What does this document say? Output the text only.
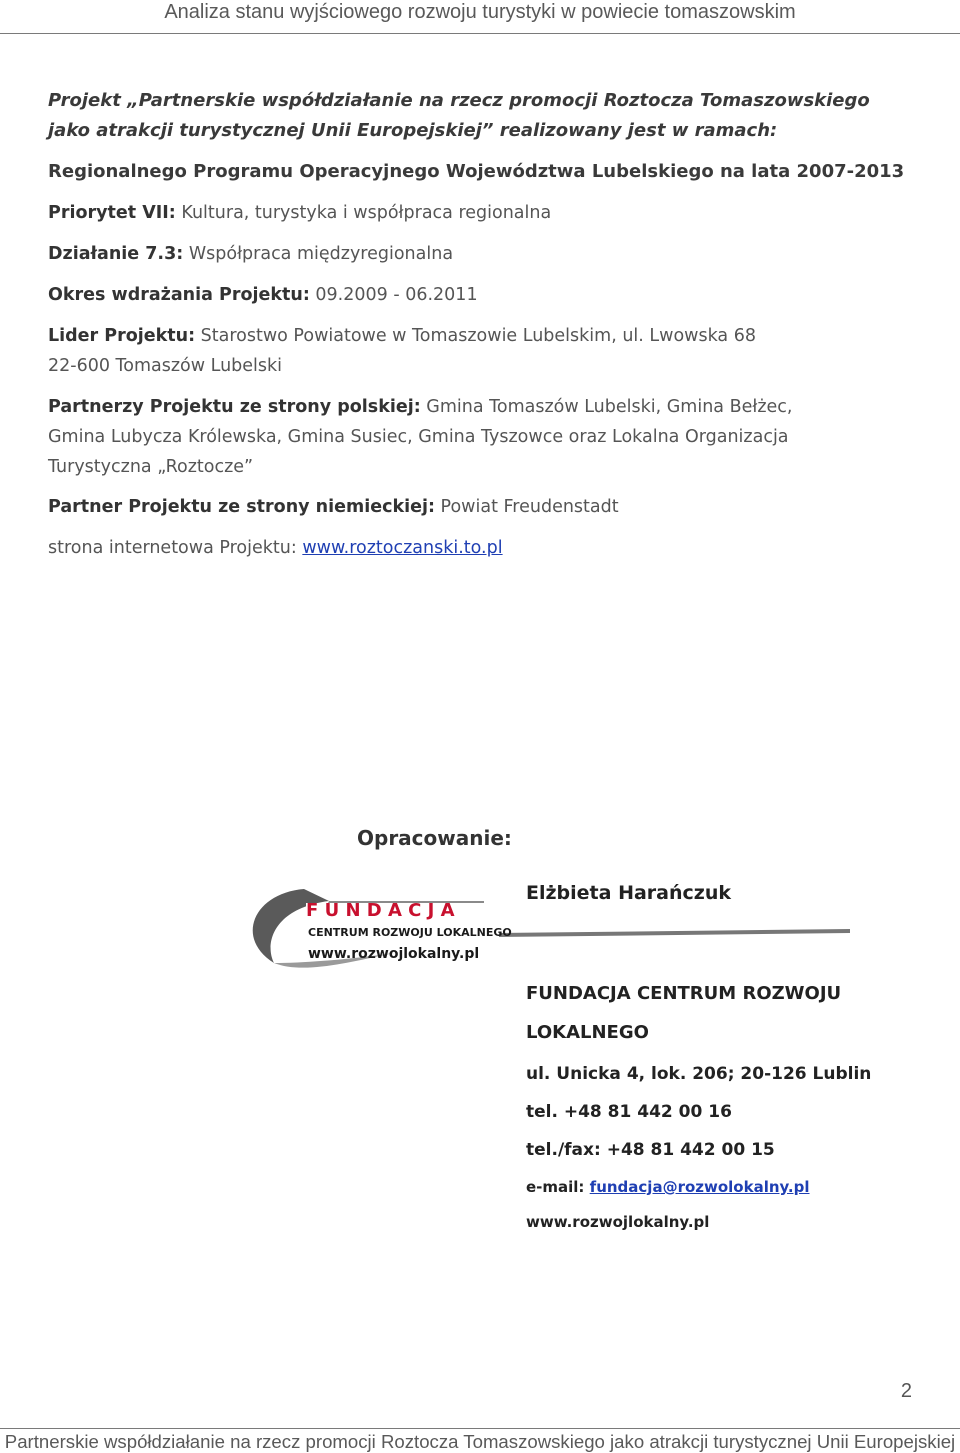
Analiza stanu wyjściowego rozwoju turystyki w powiecie tomaszowskim
Projekt „Partnerskie współdziałanie na rzecz promocji Roztocza Tomaszowskiego
jako atrakcji turystycznej Unii Europejskiej” realizowany jest w ramach:
Regionalnego Programu Operacyjnego Województwa Lubelskiego na lata 2007-2013
Priorytet VII: Kultura, turystyka i współpraca regionalna
Działanie 7.3: Współpraca międzyregionalna
Okres wdrażania Projektu: 09.2009 - 06.2011
Lider Projektu: Starostwo Powiatowe w Tomaszowie Lubelskim, ul. Lwowska 68
22-600 Tomaszów Lubelski
Partnerzy Projektu ze strony polskiej: Gmina Tomaszów Lubelski, Gmina Bełżec,
Gmina Lubycza Królewska, Gmina Susiec, Gmina Tyszowce oraz Lokalna Organizacja
Turystyczna „Roztocze”
Partner Projektu ze strony niemieckiej: Powiat Freudenstadt
strona internetowa Projektu: www.roztoczanski.to.pl
Opracowanie:
F U N D A C J A
CENTRUM ROZWOJU LOKALNEGO
www.rozwojlokalny.pl
Elżbieta Harańczuk
FUNDACJA CENTRUM ROZWOJU
LOKALNEGO
ul. Unicka 4, lok. 206; 20-126 Lublin
tel. +48 81 442 00 16
tel./fax: +48 81 442 00 15
e-mail: fundacja@rozwolokalny.pl
www.rozwojlokalny.pl
2
Partnerskie współdziałanie na rzecz promocji Roztocza Tomaszowskiego jako atrakcji turystycznej Unii Europejskiej
